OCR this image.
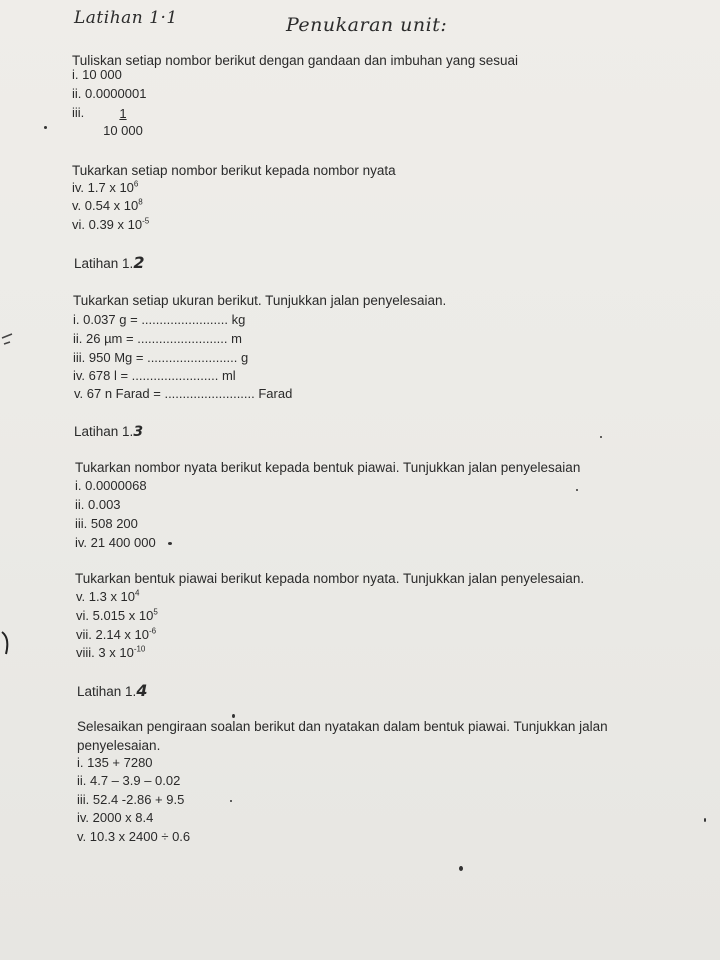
Latihan 1·1	Penukaran unit:
Tuliskan setiap nombor berikut dengan gandaan dan imbuhan yang sesuai
i. 10 000
ii. 0.0000001
iii. $\frac{1}{10 000}$
Tukarkan setiap nombor berikut kepada nombor nyata
iv. 1.7 x $10^6$
v. 0.54 x $10^8$
vi. 0.39 x $10^{-5}$
Latihan 1.2
Tukarkan setiap ukuran berikut. Tunjukkan jalan penyelesaian.
i. 0.037 g = ........................ kg
ii. 26 µm = ......................... m
iii. 950 Mg = ......................... g
iv. 678 l = ........................ ml
v. 67 n Farad = ......................... Farad
Latihan 1.3
Tukarkan nombor nyata berikut kepada bentuk piawai. Tunjukkan jalan penyelesaian
i. 0.0000068
ii. 0.003
iii. 508 200
iv. 21 400 000
Tukarkan bentuk piawai berikut kepada nombor nyata. Tunjukkan jalan penyelesaian.
v. 1.3 x $10^4$
vi. 5.015 x $10^5$
vii. 2.14 x $10^{-6}$
viii. 3 x $10^{-10}$
Latihan 1.4
Selesaikan pengiraan soalan berikut dan nyatakan dalam bentuk piawai. Tunjukkan jalan
penyelesaian.
i. 135 + 7280
ii. 4.7 – 3.9 – 0.02
iii. 52.4 -2.86 + 9.5
iv. 2000 x 8.4
v. 10.3 x 2400 ÷ 0.6
